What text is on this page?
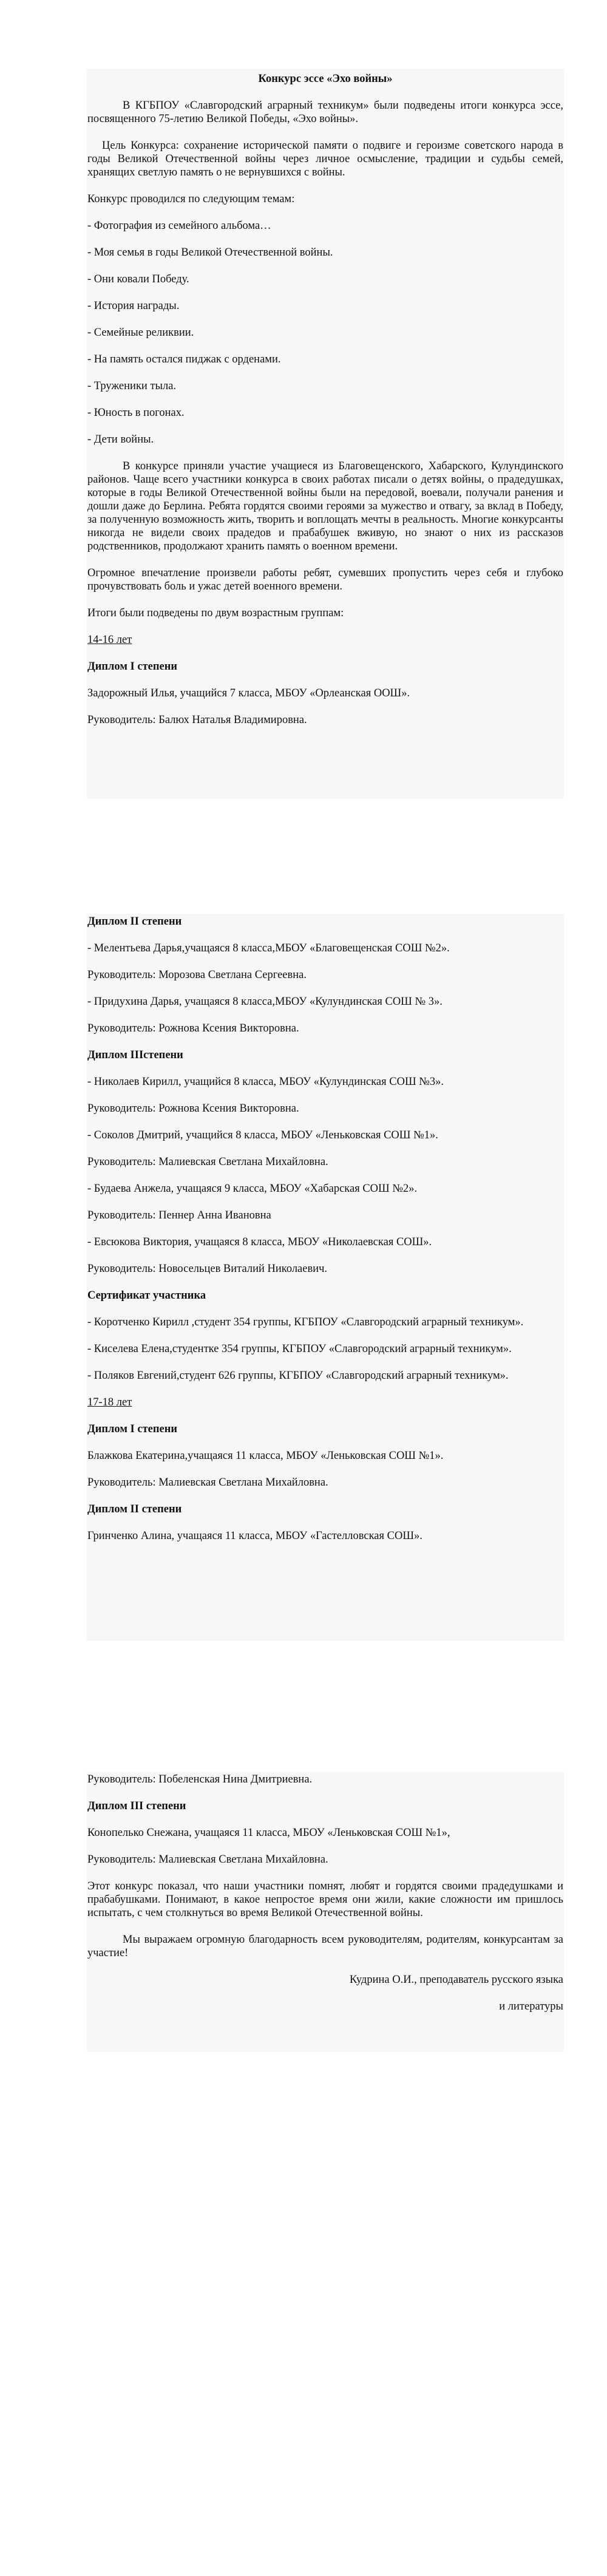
Конкурс эссе «Эхо войны»

В КГБПОУ «Славгородский аграрный техникум» были подведены итоги конкурса эссе, посвященного 75-летию Великой Победы, «Эхо войны».

Цель Конкурса: сохранение исторической памяти о подвиге и героизме советского народа в годы Великой Отечественной войны через личное осмысление, традиции и судьбы семей, хранящих светлую память о не вернувшихся с войны.

Конкурс проводился по следующим темам:

- Фотография из семейного альбома…

- Моя семья в годы Великой Отечественной войны.

- Они ковали Победу.

- История награды.

- Семейные реликвии.

- На память остался пиджак с орденами.

- Труженики тыла.

- Юность в погонах.

- Дети войны.

В конкурсе приняли участие учащиеся из Благовещенского, Хабарского, Кулундинского районов. Чаще всего участники конкурса в своих работах писали о детях войны, о прадедушках, которые в годы Великой Отечественной войны были на передовой, воевали, получали ранения и дошли даже до Берлина. Ребята гордятся своими героями за мужество и отвагу, за вклад в Победу, за полученную возможность жить, творить и воплощать мечты в реальность. Многие конкурсанты никогда не видели своих прадедов и прабабушек вживую, но знают о них из рассказов родственников, продолжают хранить память о военном времени.

Огромное впечатление произвели работы ребят, сумевших пропустить через себя и глубоко прочувствовать боль и ужас детей военного времени.

Итоги были подведены по двум возрастным группам:

14-16 лет

Диплом I степени

Задорожный Илья, учащийся 7 класса, МБОУ «Орлеанская ООШ».

Руководитель: Балюх Наталья Владимировна.

Диплом II степени

- Мелентьева Дарья,учащаяся 8 класса,МБОУ «Благовещенская СОШ №2».

Руководитель: Морозова Светлана Сергеевна.

- Придухина Дарья, учащаяся 8 класса,МБОУ «Кулундинская СОШ № 3».

Руководитель: Рожнова Ксения Викторовна.

Диплом IIIстепени

- Николаев Кирилл, учащийся 8 класса, МБОУ «Кулундинская СОШ №3».

Руководитель: Рожнова Ксения Викторовна.

- Соколов Дмитрий, учащийся 8 класса, МБОУ «Леньковская СОШ №1».

Руководитель: Малиевская Светлана Михайловна.

- Будаева Анжела, учащаяся 9 класса, МБОУ «Хабарская СОШ №2».

Руководитель: Пеннер Анна Ивановна

- Евсюкова Виктория, учащаяся 8 класса, МБОУ «Николаевская СОШ».

Руководитель: Новосельцев Виталий Николаевич.

Сертификат участника

- Коротченко Кирилл ,студент 354 группы, КГБПОУ «Славгородский аграрный техникум».

- Киселева Елена,студентке 354 группы, КГБПОУ «Славгородский аграрный техникум».

- Поляков Евгений,студент 626 группы, КГБПОУ «Славгородский аграрный техникум».

17-18 лет

Диплом I степени

Блажкова Екатерина,учащаяся 11 класса, МБОУ «Леньковская СОШ №1».

Руководитель: Малиевская Светлана Михайловна.

Диплом II степени

Гринченко Алина, учащаяся 11 класса, МБОУ «Гастелловская СОШ».

Руководитель: Побеленская Нина Дмитриевна.

Диплом III степени

Конопелько Снежана, учащаяся 11 класса, МБОУ «Леньковская СОШ №1»,

Руководитель: Малиевская Светлана Михайловна.

Этот конкурс показал, что наши участники помнят, любят и гордятся своими прадедушками и прабабушками. Понимают, в какое непростое время они жили, какие сложности им пришлось испытать, с чем столкнуться во время Великой Отечественной войны.

Мы выражаем огромную благодарность всем руководителям, родителям, конкурсантам за участие!

Кудрина О.И., преподаватель русского языка

и литературы
